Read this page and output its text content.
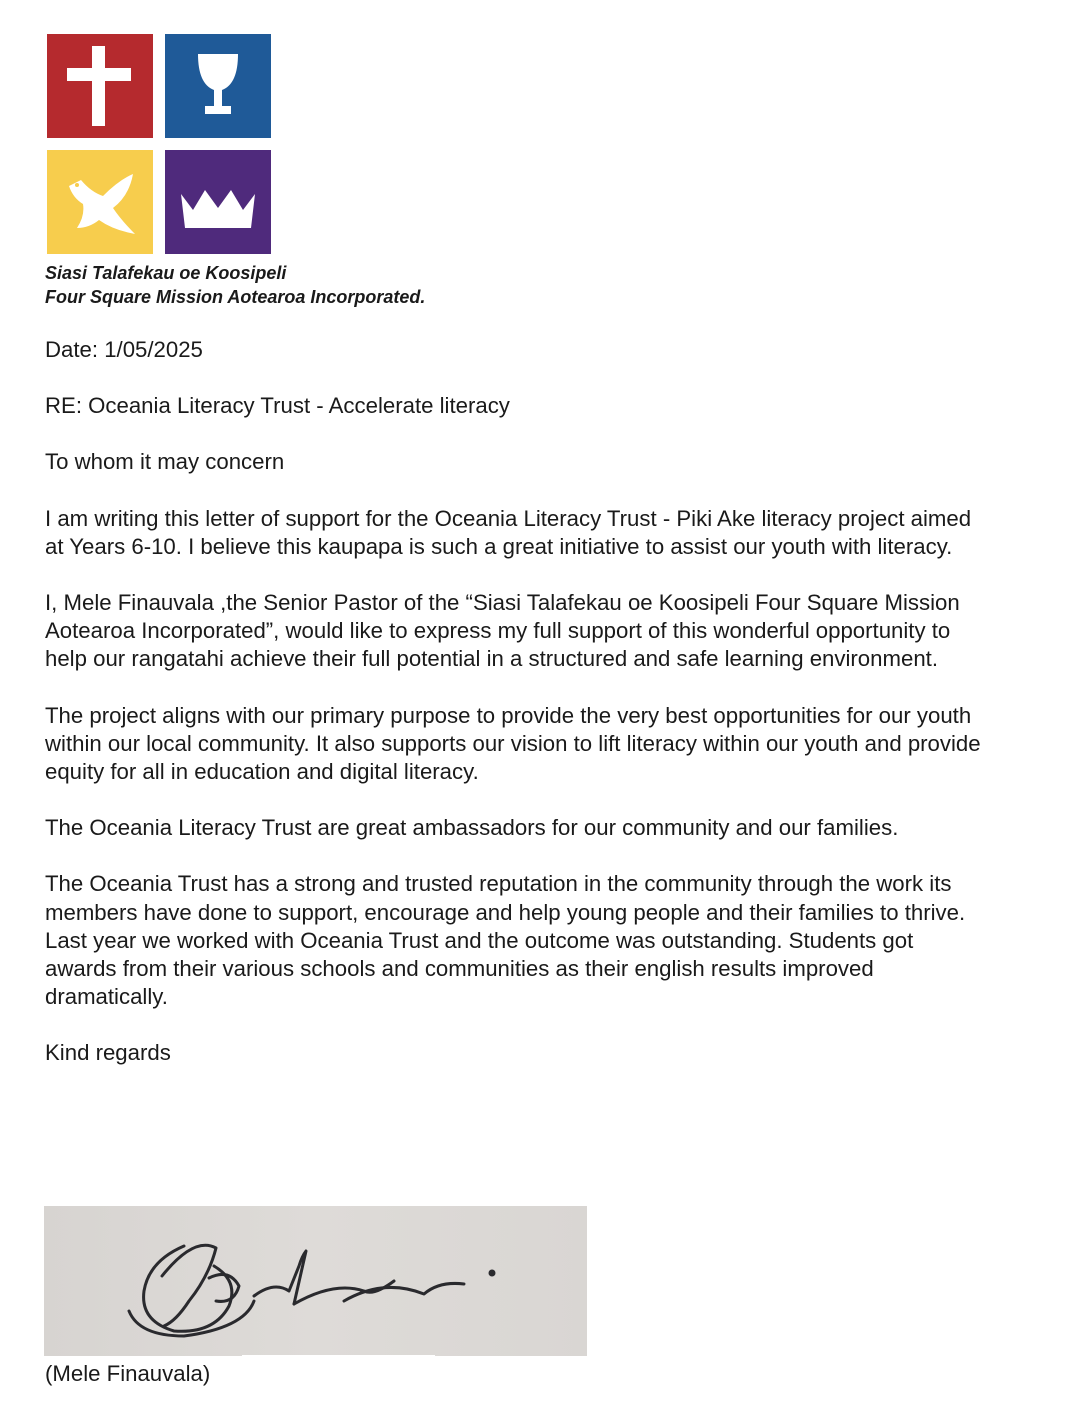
Siasi Talafekau oe Koosipeli
Four Square Mission Aotearoa Incorporated.

Date: 1/05/2025

RE: Oceania Literacy Trust - Accelerate literacy

To whom it may concern

I am writing this letter of support for the Oceania Literacy Trust - Piki Ake literacy project aimed at Years 6-10. I believe this kaupapa is such a great initiative to assist our youth with literacy.

I, Mele Finauvala ,the Senior Pastor of the “Siasi Talafekau oe Koosipeli Four Square Mission Aotearoa Incorporated”, would like to express my full support of this wonderful opportunity to help our rangatahi achieve their full potential in a structured and safe learning environment.

The project aligns with our primary purpose to provide the very best opportunities for our youth within our local community. It also supports our vision to lift literacy within our youth and provide equity for all in education and digital literacy.

The Oceania Literacy Trust are great ambassadors for our community and our families.

The Oceania Trust has a strong and trusted reputation in the community through the work its members have done to support, encourage and help young people and their families to thrive.

Last year we worked with Oceania Trust and the outcome was outstanding. Students got awards from their various schools and communities as their english results improved dramatically.

Kind regards

(Mele Finauvala)
